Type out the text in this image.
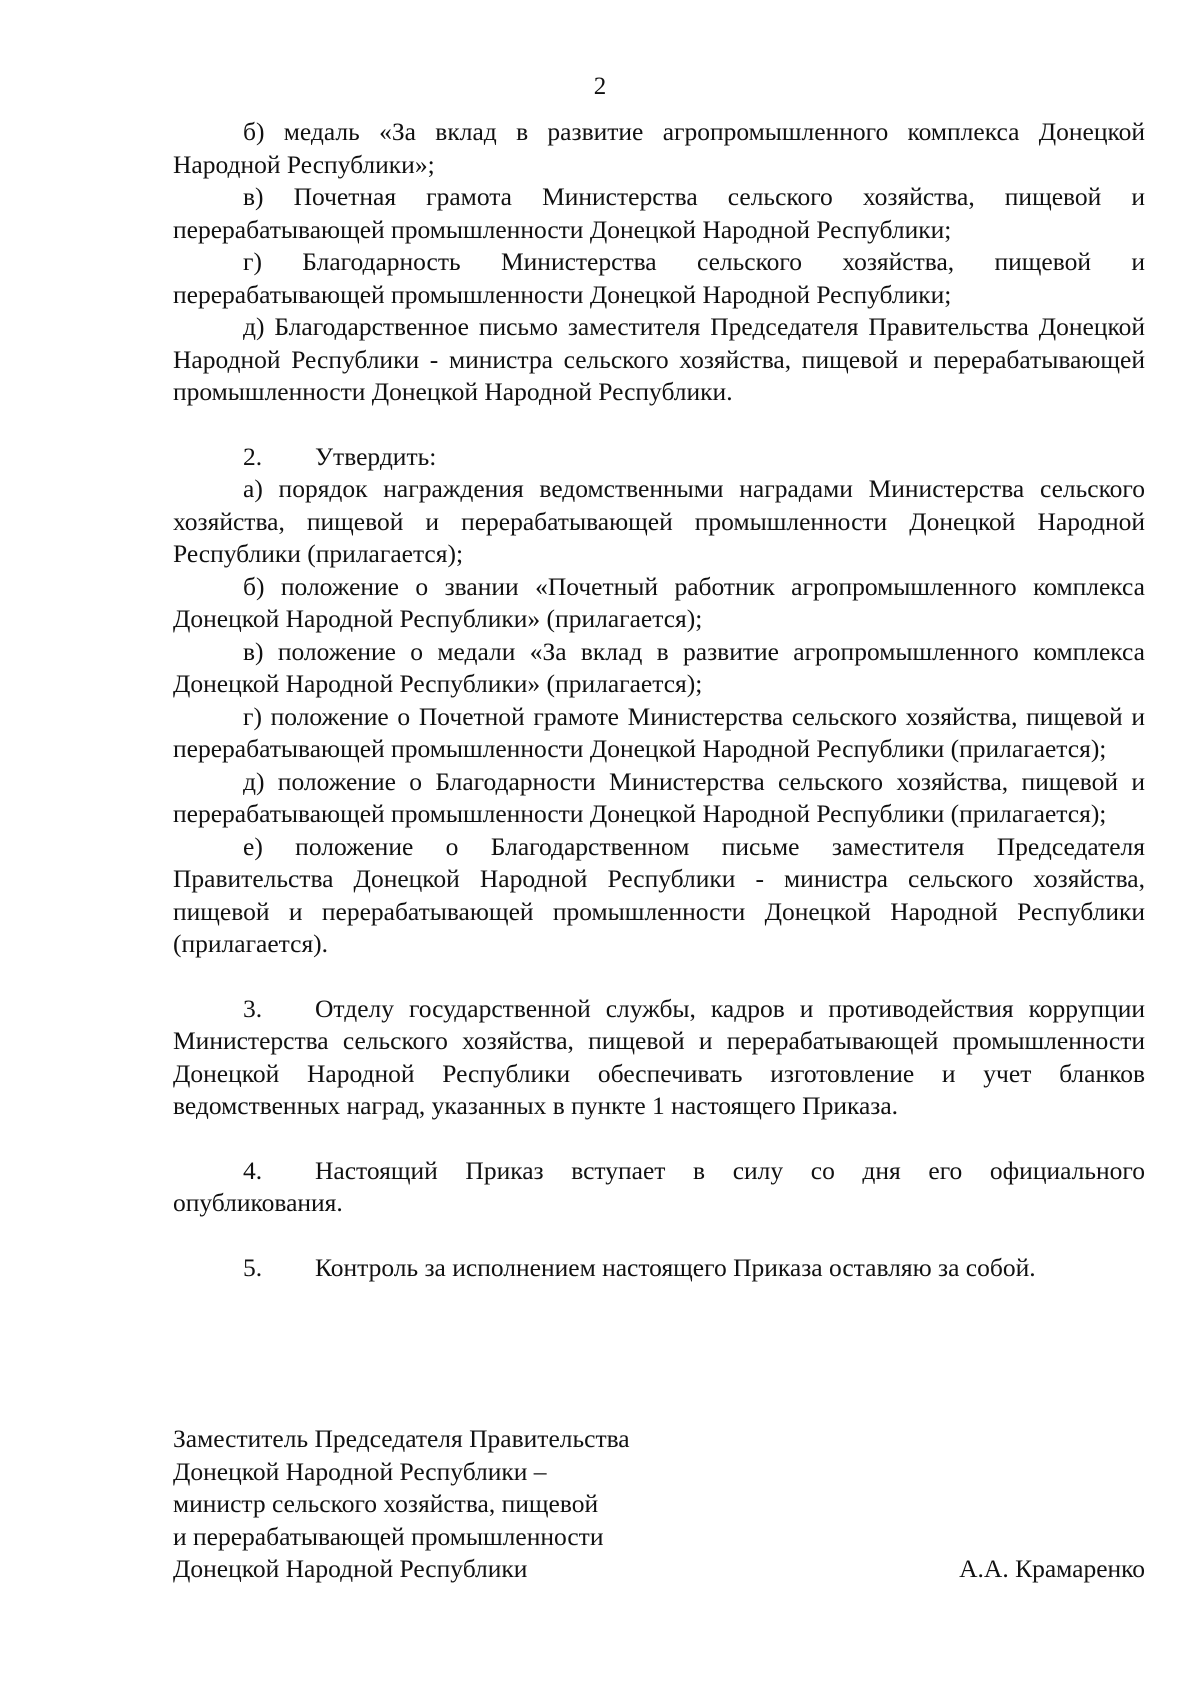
2

б) медаль «За вклад в развитие агропромышленного комплекса Донецкой Народной Республики»;

в) Почетная грамота Министерства сельского хозяйства, пищевой и перерабатывающей промышленности Донецкой Народной Республики;

г) Благодарность Министерства сельского хозяйства, пищевой и перерабатывающей промышленности Донецкой Народной Республики;

д) Благодарственное письмо заместителя Председателя Правительства Донецкой Народной Республики - министра сельского хозяйства, пищевой и перерабатывающей промышленности Донецкой Народной Республики.

2. Утвердить:

а) порядок награждения ведомственными наградами Министерства сельского хозяйства, пищевой и перерабатывающей промышленности Донецкой Народной Республики (прилагается);

б) положение о звании «Почетный работник агропромышленного комплекса Донецкой Народной Республики» (прилагается);

в) положение о медали «За вклад в развитие агропромышленного комплекса Донецкой Народной Республики» (прилагается);

г) положение о Почетной грамоте Министерства сельского хозяйства, пищевой и перерабатывающей промышленности Донецкой Народной Республики (прилагается);

д) положение о Благодарности Министерства сельского хозяйства, пищевой и перерабатывающей промышленности Донецкой Народной Республики (прилагается);

е) положение о Благодарственном письме заместителя Председателя Правительства Донецкой Народной Республики - министра сельского хозяйства, пищевой и перерабатывающей промышленности Донецкой Народной Республики (прилагается).

3. Отделу государственной службы, кадров и противодействия коррупции Министерства сельского хозяйства, пищевой и перерабатывающей промышленности Донецкой Народной Республики обеспечивать изготовление и учет бланков ведомственных наград, указанных в пункте 1 настоящего Приказа.

4. Настоящий Приказ вступает в силу со дня его официального опубликования.

5. Контроль за исполнением настоящего Приказа оставляю за собой.

Заместитель Председателя Правительства
Донецкой Народной Республики –
министр сельского хозяйства, пищевой
и перерабатывающей промышленности
Донецкой Народной Республики	А.А. Крамаренко
